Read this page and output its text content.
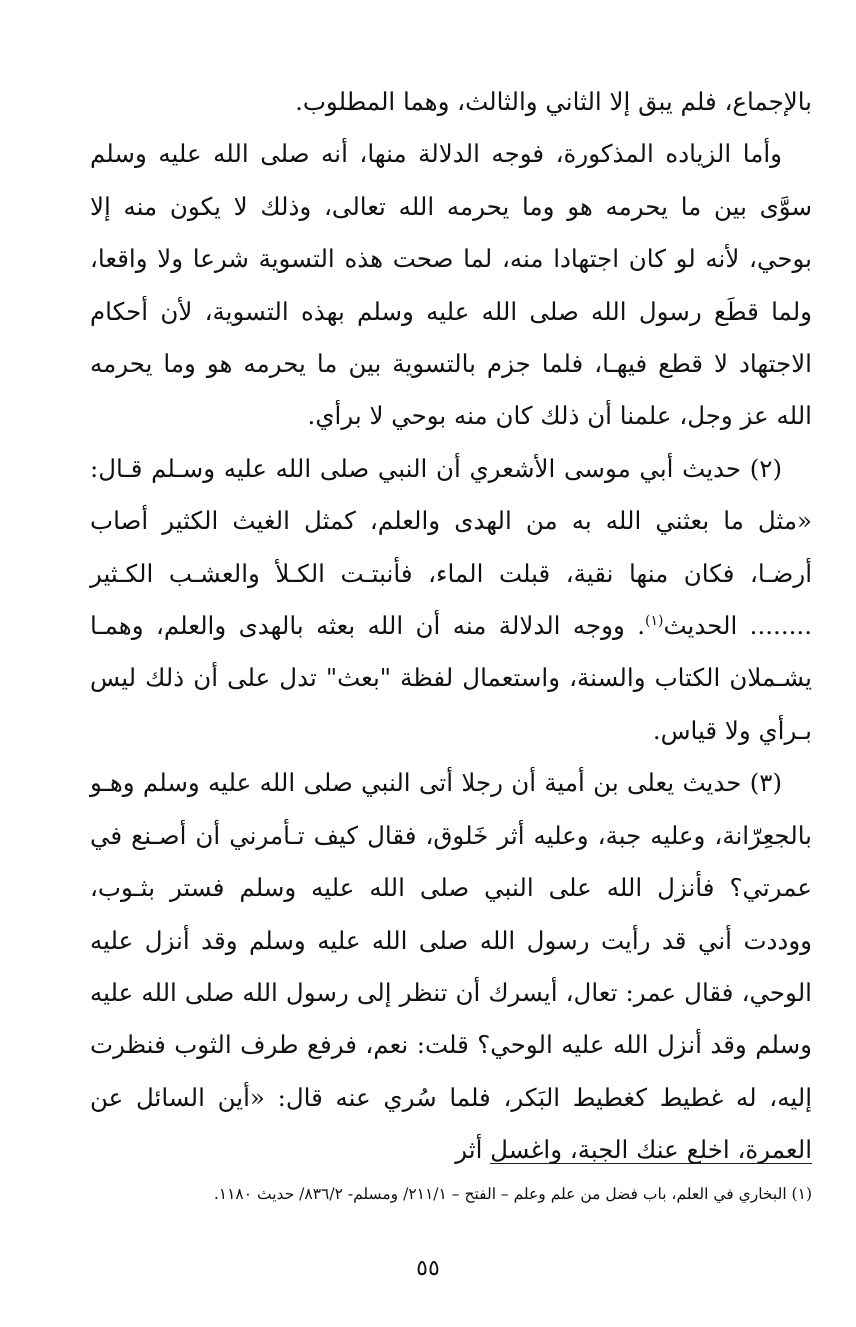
بالإجماع، فلم يبق إلا الثاني والثالث، وهما المطلوب.

وأما الزياده المذكورة، فوجه الدلالة منها، أنه صلى الله عليه وسلم سوَّى بين ما يحرمه هو وما يحرمه الله تعالى، وذلك لا يكون منه إلا بوحي، لأنه لو كان اجتهادا منه، لما صحت هذه التسوية شرعا ولا واقعا، ولما قطَع رسول الله صلى الله عليه وسلم بهذه التسوية، لأن أحكام الاجتهاد لا قطع فيهـا، فلما جزم بالتسوية بين ما يحرمه هو وما يحرمه الله عز وجل، علمنا أن ذلك كان منه بوحي لا برأي.

(٢) حديث أبي موسى الأشعري أن النبي صلى الله عليه وسـلم قـال: «مثل ما بعثني الله به من الهدى والعلم، كمثل الغيث الكثير أصاب أرضـا، فكان منها نقية، قبلت الماء، فأنبتـت الكـلأ والعشـب الكـثير ........ الحديث$^{(١)}$. ووجه الدلالة منه أن الله بعثه بالهدى والعلم، وهمـا يشـملان الكتاب والسنة، واستعمال لفظة "بعث" تدل على أن ذلك ليس بـرأي ولا قياس.

(٣) حديث يعلى بن أمية أن رجلا أتى النبي صلى الله عليه وسلم وهـو بالجعِرّانة، وعليه جبة، وعليه أثر خَلوق، فقال كيف تـأمرني أن أصـنع في عمرتي؟ فأنزل الله على النبي صلى الله عليه وسلم فستر بثـوب، ووددت أني قد رأيت رسول الله صلى الله عليه وسلم وقد أنزل عليه الوحي، فقال عمر: تعال، أيسرك أن تنظر إلى رسول الله صلى الله عليه وسلم وقد أنزل الله عليه الوحي؟ قلت: نعم، فرفع طرف الثوب فنظرت إليه، له غطيط كغطيط البَكر، فلما سُري عنه قال: «أين السائل عن العمرة، اخلع عنك الجبة، واغسل أثر

(١) البخاري في العلم، باب فضل من علم وعلم – الفتح – ٢١١/١/ ومسلم- ٨٣٦/٢/ حديث ١١٨٠.
٥٥
